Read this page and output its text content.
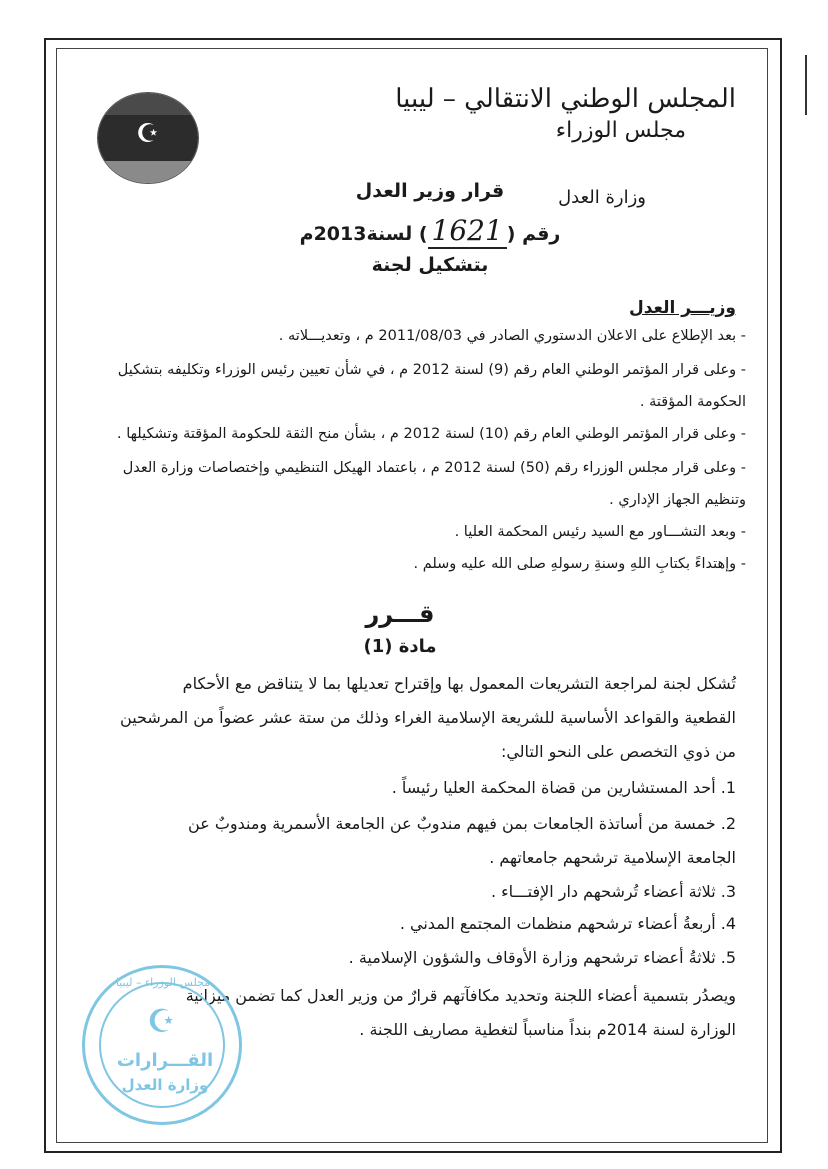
☪
المجلس الوطني الانتقالي – ليبيا
مجلس الوزراء
وزارة العدل
قرار وزير العدل
رقم (1621) لسنة2013م
بتشكيل لجنة
وزيـــر العدل
- بعد الإطلاع على الاعلان الدستوري الصادر في 2011/08/03 م ، وتعديـــلاته .
- وعلى قرار المؤتمر الوطني العام رقم (9) لسنة 2012 م ، في شأن تعيين رئيس الوزراء وتكليفه بتشكيل
الحكومة المؤقتة .
- وعلى قرار المؤتمر الوطني العام رقم (10) لسنة 2012 م ، بشأن منح الثقة للحكومة المؤقتة وتشكيلها .
- وعلى قرار مجلس الوزراء رقم (50) لسنة 2012 م ، باعتماد الهيكل التنظيمي وإختصاصات وزارة العدل
وتنظيم الجهاز الإداري .
- وبعد التشـــاور مع السيد رئيس المحكمة العليا .
- وإهتداءً بكتابِ اللهِ وسنةِ رسولهِ صلى الله عليه وسلم .
قـــرر
مادة (1)
تُشكل لجنة لمراجعة التشريعات المعمول بها وإقتراح تعديلها بما لا يتناقض مع الأحكام
القطعية والقواعد الأساسية للشريعة الإسلامية الغراء وذلك من ستة عشر عضواً من المرشحين
من ذوي التخصص على النحو التالي:
1. أحد المستشارين من قضاة المحكمة العليا رئيساً .
2. خمسة من أساتذة الجامعات بمن فيهم مندوبٌ عن الجامعة الأسمرية ومندوبٌ عن
الجامعة الإسلامية ترشحهم جامعاتهم .
3. ثلاثة أعضاء تُرشحهم دار الإفتـــاء .
4. أربعةُ أعضاء ترشحهم منظمات المجتمع المدني .
5. ثلاثةُ أعضاء ترشحهم وزارة الأوقاف والشؤون الإسلامية .
ويصدُر بتسمية أعضاء اللجنة وتحديد مكافآتهم قرارٌ من وزير العدل كما تضمن ميزانية
الوزارة لسنة 2014م بنداً مناسباً لتغطية مصاريف اللجنة .
مجلس الوزراء – ليبيا
☪
القـــرارات
وزارة العدل
